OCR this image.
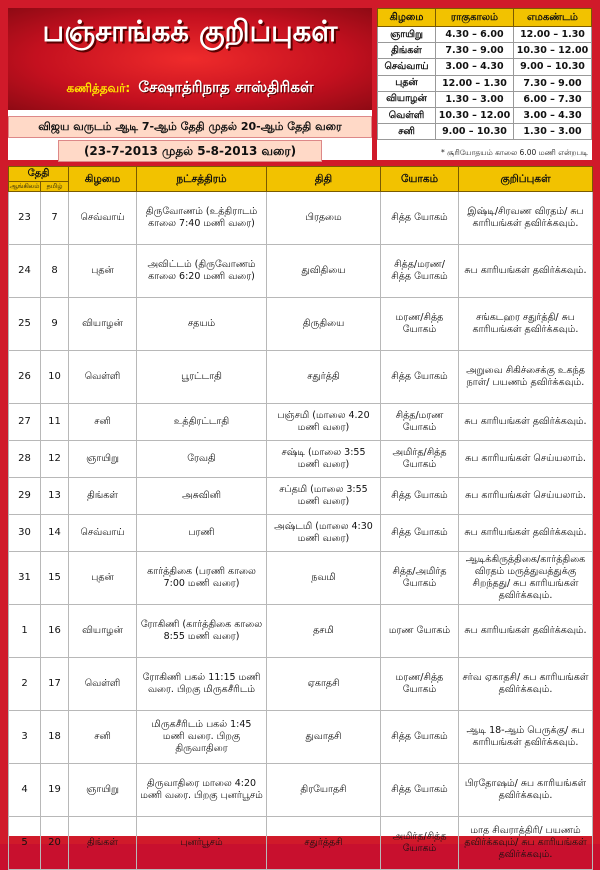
பஞ்சாங்கக் குறிப்புகள்
கணித்தவர்: சேஷாத்ரிநாத சாஸ்திரிகள்
விஜய வருடம் ஆடி 7-ஆம் தேதி முதல் 20-ஆம் தேதி வரை
(23-7-2013 முதல் 5-8-2013 வரை)
கிழமை	ராகுகாலம்	எமகண்டம்
ஞாயிறு	4.30 – 6.00	12.00 – 1.30
திங்கள்	7.30 – 9.00	10.30 – 12.00
செவ்வாய்	3.00 – 4.30	9.00 – 10.30
புதன்	12.00 – 1.30	7.30 – 9.00
வியாழன்	1.30 – 3.00	6.00 – 7.30
வெள்ளி	10.30 – 12.00	3.00 – 4.30
சனி	9.00 – 10.30	1.30 – 3.00
* சூரியோதயம் காலை 6.00 மணி என்றபடி
தேதி		கிழமை	நட்சத்திரம்	திதி	யோகம்	குறிப்புகள்
ஆங்கிலம்	தமிழ்					
23	7	செவ்வாய்	திருவோணம் (உத்திராடம் காலை 7:40 மணி வரை)	பிரதமை	சித்த யோகம்	இஷ்டி/சிரவண விரதம்/ சுப காரியங்கள் தவிர்க்கவும்.
24	8	புதன்	அவிட்டம் (திருவோணம் காலை 6:20 மணி வரை)	துவிதியை	சித்த/மரண/ சித்த யோகம்	சுப காரியங்கள் தவிர்க்கவும்.
25	9	வியாழன்	சதயம்	திருதியை	மரண/சித்த யோகம்	சங்கடஹர சதுர்த்தி/ சுப காரியங்கள் தவிர்க்கவும்.
26	10	வெள்ளி	பூரட்டாதி	சதுர்த்தி	சித்த யோகம்	அறுவை சிகிச்சைக்கு உகந்த நாள்/ பயணம் தவிர்க்கவும்.
27	11	சனி	உத்திரட்டாதி	பஞ்சமி (மாலை 4.20 மணி வரை)	சித்த/மரண யோகம்	சுப காரியங்கள் தவிர்க்கவும்.
28	12	ஞாயிறு	ரேவதி	சஷ்டி (மாலை 3:55 மணி வரை)	அமிர்த/சித்த யோகம்	சுப காரியங்கள் செய்யலாம்.
29	13	திங்கள்	அசுவினி	சப்தமி (மாலை 3:55 மணி வரை)	சித்த யோகம்	சுப காரியங்கள் செய்யலாம்.
30	14	செவ்வாய்	பரணி	அஷ்டமி (மாலை 4:30 மணி வரை)	சித்த யோகம்	சுப காரியங்கள் தவிர்க்கவும்.
31	15	புதன்	கார்த்திகை (பரணி காலை 7:00 மணி வரை)	நவமி	சித்த/அமிர்த யோகம்	ஆடிக்கிருத்திகை/கார்த்திகை விரதம் மருத்துவத்துக்கு சிறந்தது/ சுப காரியங்கள் தவிர்க்கவும்.
1	16	வியாழன்	ரோகிணி (கார்த்திகை காலை 8:55 மணி வரை)	தசமி	மரண யோகம்	சுப காரியங்கள் தவிர்க்கவும்.
2	17	வெள்ளி	ரோகிணி பகல் 11:15 மணி வரை. பிறகு மிருகசீரிடம்	ஏகாதசி	மரண/சித்த யோகம்	சர்வ ஏகாதசி/ சுப காரியங்கள் தவிர்க்கவும்.
3	18	சனி	மிருகசீரிடம் பகல் 1:45 மணி வரை. பிறகு திருவாதிரை	துவாதசி	சித்த யோகம்	ஆடி 18-ஆம் பெருக்கு/ சுப காரியங்கள் தவிர்க்கவும்.
4	19	ஞாயிறு	திருவாதிரை மாலை 4:20 மணி வரை. பிறகு புனர்பூசம்	திரயோதசி	சித்த யோகம்	பிரதோஷம்/ சுப காரியங்கள் தவிர்க்கவும்.
5	20	திங்கள்	புனர்பூசம்	சதுர்த்தசி	அமிர்த/சித்த யோகம்	மாத சிவராத்திரி/ பயணம் தவிர்க்கவும்/ சுப காரியங்கள் தவிர்க்கவும்.
